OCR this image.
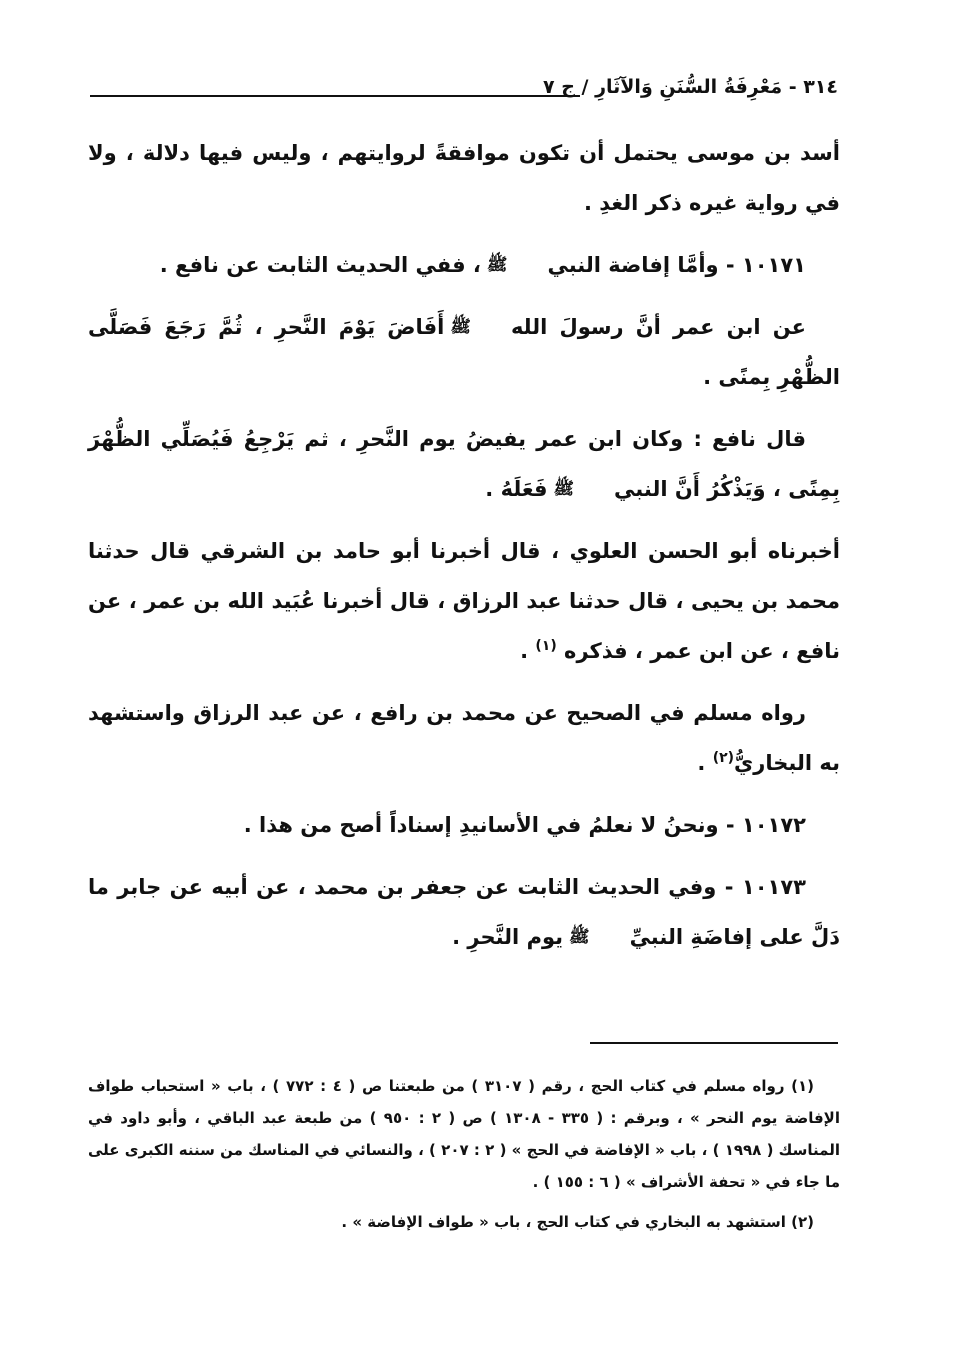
٣١٤ - مَعْرِفَةُ السُّنَنِ وَالآثَارِ / ج ٧

أسد بن موسى يحتمل أن تكون موافقةً لروايتهم ، وليس فيها دلالة ، ولا في رواية غيره ذكر الغدِ .

١٠١٧١ - وأمَّا إفاضة النبيﷺ، ففي الحديث الثابت عن نافع .

عن ابن عمر أنَّ رسولَ اللهﷺأَفَاضَ يَوْمَ النَّحرِ ، ثُمَّ رَجَعَ فَصَلَّى الظُّهْرِ بِمنًى .

قال نافع : وكان ابن عمر يفيضُ يوم النَّحرِ ، ثم يَرْجِعُ فَيُصَلِّي الظُّهْرَ بِمِنًى ، وَيَذْكُرُ أَنَّ النبيﷺفَعَلَهُ .

أخبرناه أبو الحسن العلوي ، قال أخبرنا أبو حامد بن الشرقي قال حدثنا محمد بن يحيى ، قال حدثنا عبد الرزاق ، قال أخبرنا عُبَيد الله بن عمر ، عن نافع ، عن ابن عمر ، فذكره $^{(١)}$ .

رواه مسلم في الصحيح عن محمد بن رافع ، عن عبد الرزاق واستشهد به البخاريُّ$^{(٢)}$ .

١٠١٧٢ - ونحنُ لا نعلمُ في الأسانيدِ إسناداً أصح من هذا .

١٠١٧٣ - وفي الحديث الثابت عن جعفر بن محمد ، عن أبيه عن جابر ما دَلَّ على إفاضَةِ النبيِّﷺيوم النَّحرِ .

(١) رواه مسلم في كتاب الحج ، رقم ( ٣١٠٧ ) من طبعتنا ص ( ٤ : ٧٧٢ ) ، باب « استحباب طواف الإفاضة يوم النحر » ، وبرقم : ( ٣٣٥ - ١٣٠٨ ) ص ( ٢ : ٩٥٠ ) من طبعة عبد الباقي ، وأبو داود في المناسك ( ١٩٩٨ ) ، باب « الإفاضة في الحج » ( ٢ : ٢٠٧ ) ، والنسائي في المناسك من سننه الكبرى على ما جاء في « تحفة الأشراف » ( ٦ : ١٥٥ ) .

(٢) استشهد به البخاري في كتاب الحج ، باب « طواف الإفاضة » .
